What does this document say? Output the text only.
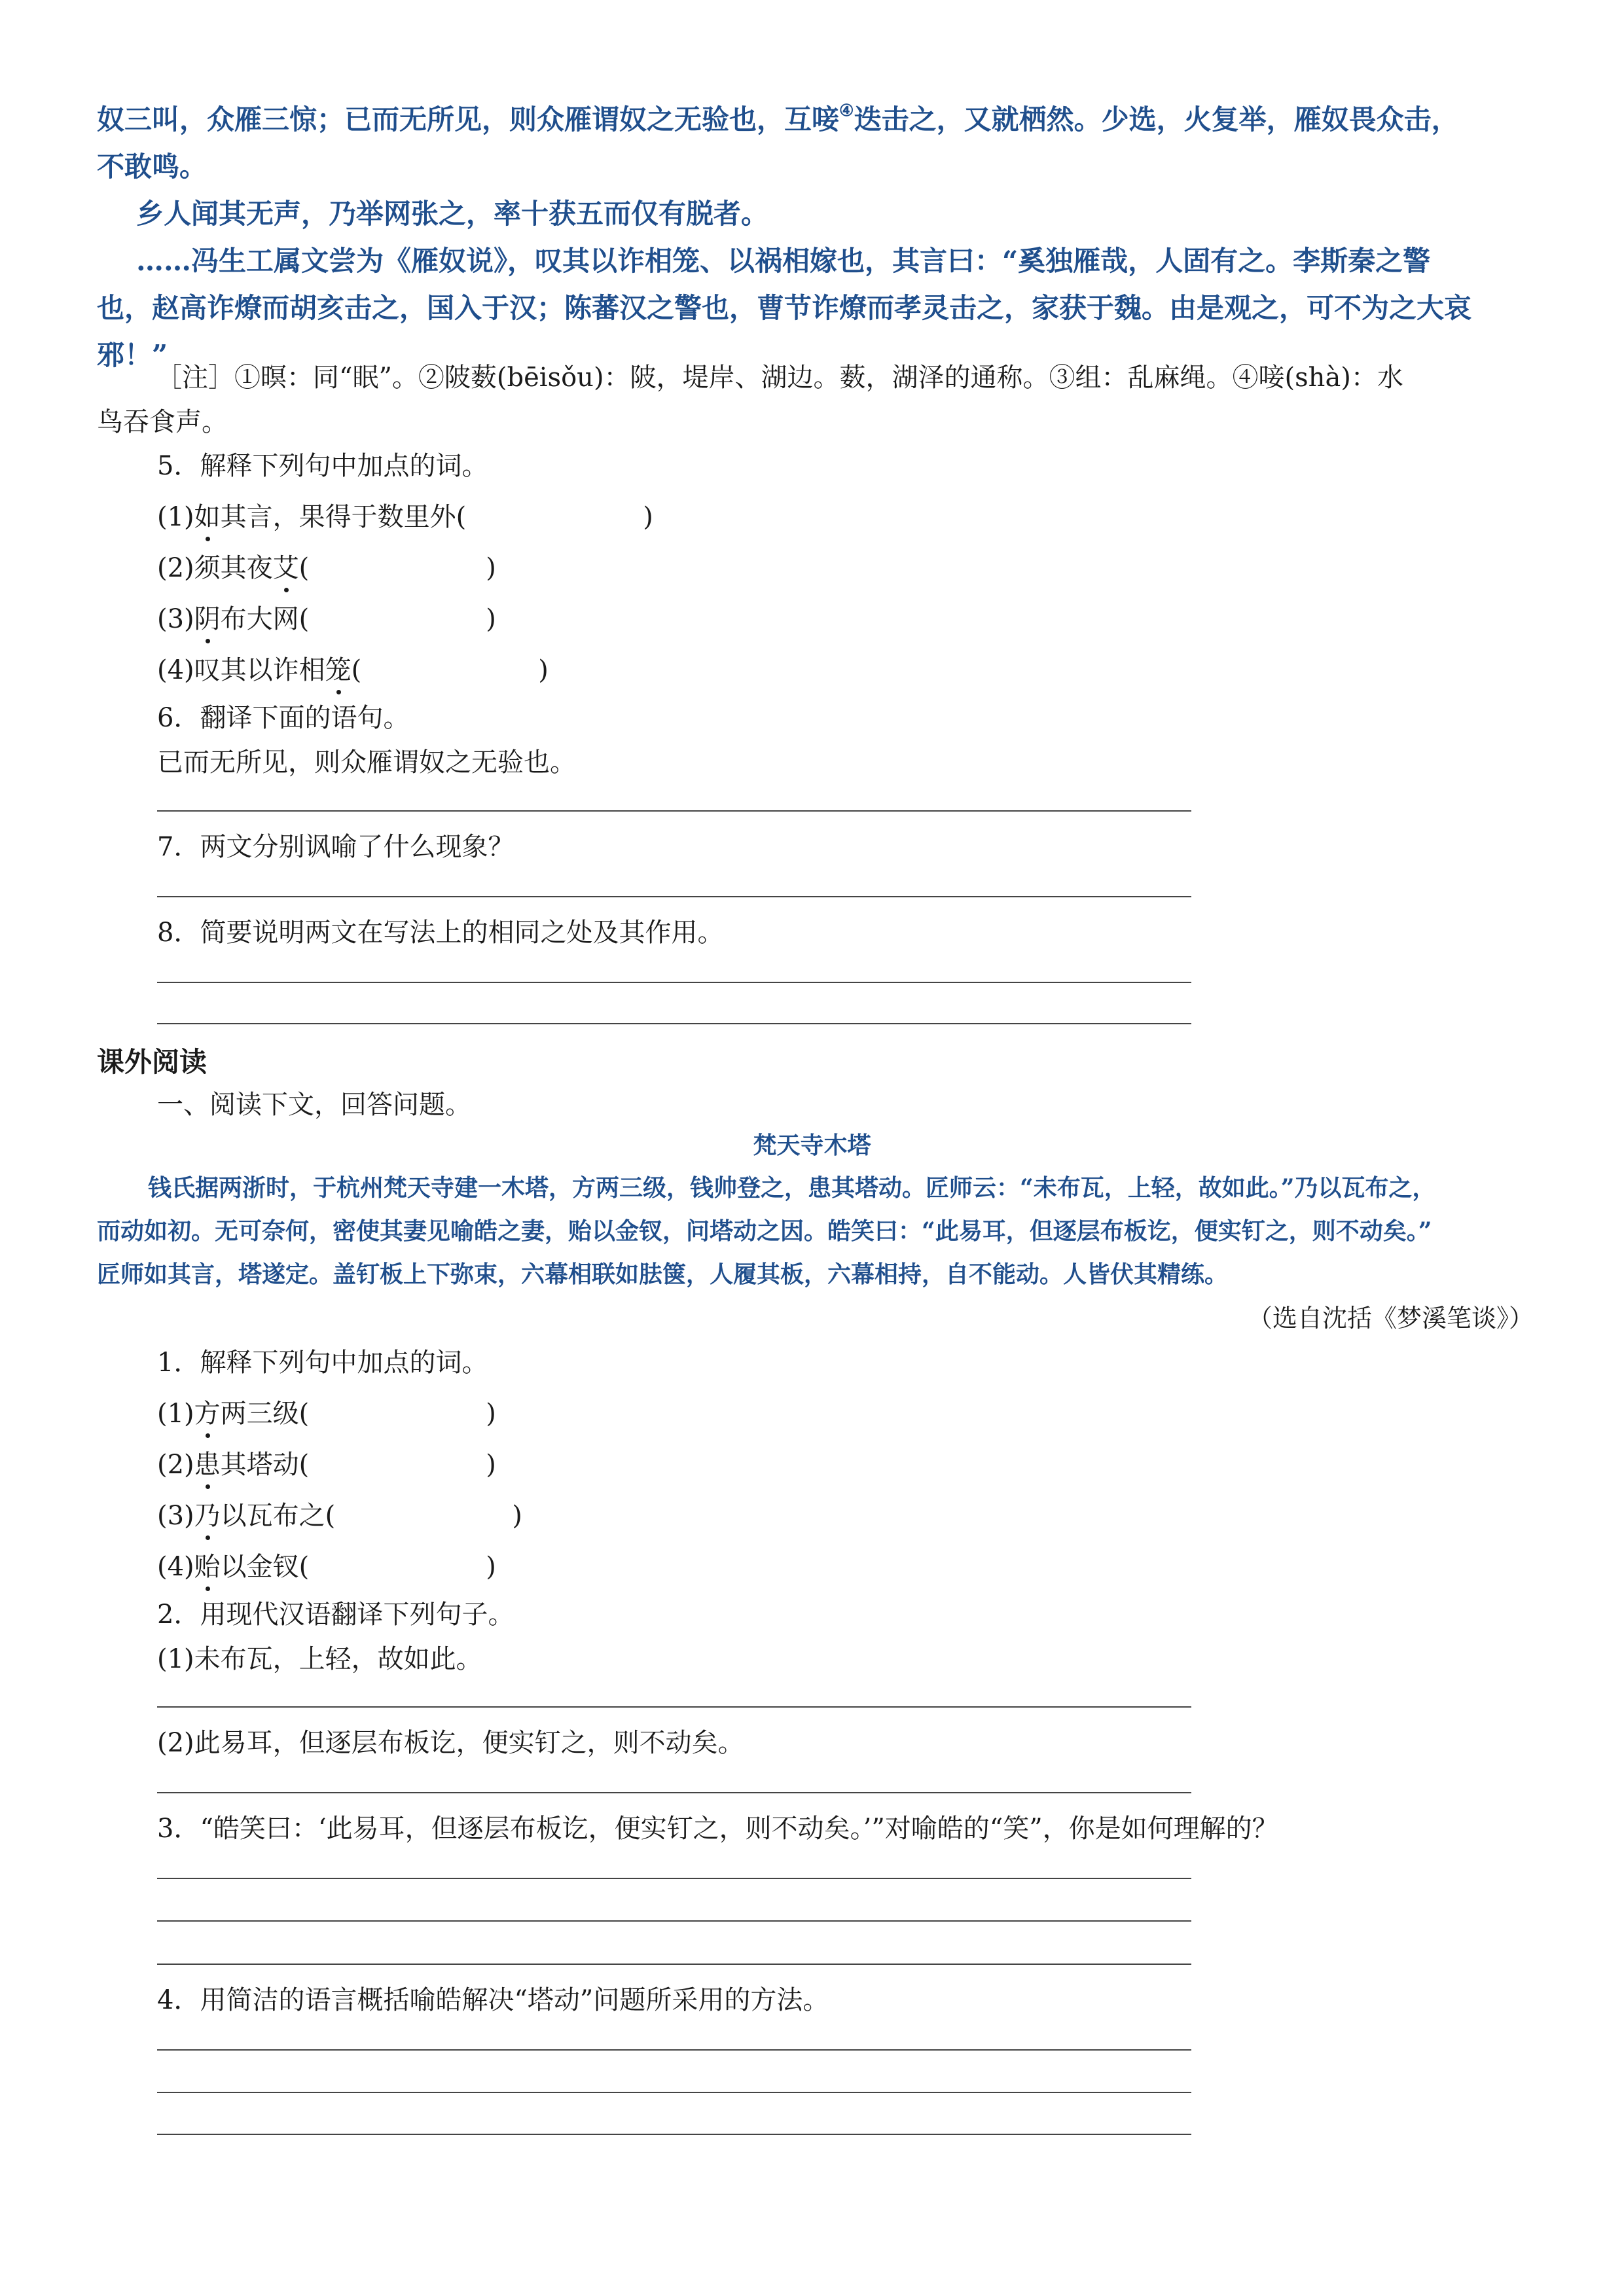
奴三叫，众雁三惊；已而无所见，则众雁谓奴之无验也，互唼④迭击之，又就栖然。少选，火复举，雁奴畏众击，
不敢鸣。
乡人闻其无声，乃举网张之，率十获五而仅有脱者。
……冯生工属文尝为《雁奴说》，叹其以诈相笼、以祸相嫁也，其言曰：“奚独雁哉，人固有之。李斯秦之警
也，赵高诈燎而胡亥击之，国入于汉；陈蕃汉之警也，曹节诈燎而孝灵击之，家获于魏。由是观之，可不为之大哀
邪！”
［注］①暝：同“眠”。②陂薮(bēisǒu)：陂，堤岸、湖边。薮，湖泽的通称。③组：乱麻绳。④唼(shà)：水
鸟吞食声。
5．解释下列句中加点的词。
(1)如其言，果得于数里外(	)
(2)须其夜艾(	)
(3)阴布大网(	)
(4)叹其以诈相笼(	)
6．翻译下面的语句。
已而无所见，则众雁谓奴之无验也。
7．两文分别讽喻了什么现象？
8．简要说明两文在写法上的相同之处及其作用。
课外阅读
一、阅读下文，回答问题。
梵天寺木塔
钱氏据两浙时，于杭州梵天寺建一木塔，方两三级，钱帅登之，患其塔动。匠师云：“未布瓦，上轻，故如此。”乃以瓦布之，
而动如初。无可奈何，密使其妻见喻皓之妻，贻以金钗，问塔动之因。皓笑曰：“此易耳，但逐层布板讫，便实钉之，则不动矣。”
匠师如其言，塔遂定。盖钉板上下弥束，六幕相联如胠箧，人履其板，六幕相持，自不能动。人皆伏其精练。
（选自沈括《梦溪笔谈》）
1．解释下列句中加点的词。
(1)方两三级(	)
(2)患其塔动(	)
(3)乃以瓦布之(	)
(4)贻以金钗(	)
2．用现代汉语翻译下列句子。
(1)未布瓦，上轻，故如此。
(2)此易耳，但逐层布板讫，便实钉之，则不动矣。
3．“皓笑曰：‘此易耳，但逐层布板讫，便实钉之，则不动矣。’”对喻皓的“笑”，你是如何理解的？
4．用简洁的语言概括喻皓解决“塔动”问题所采用的方法。
